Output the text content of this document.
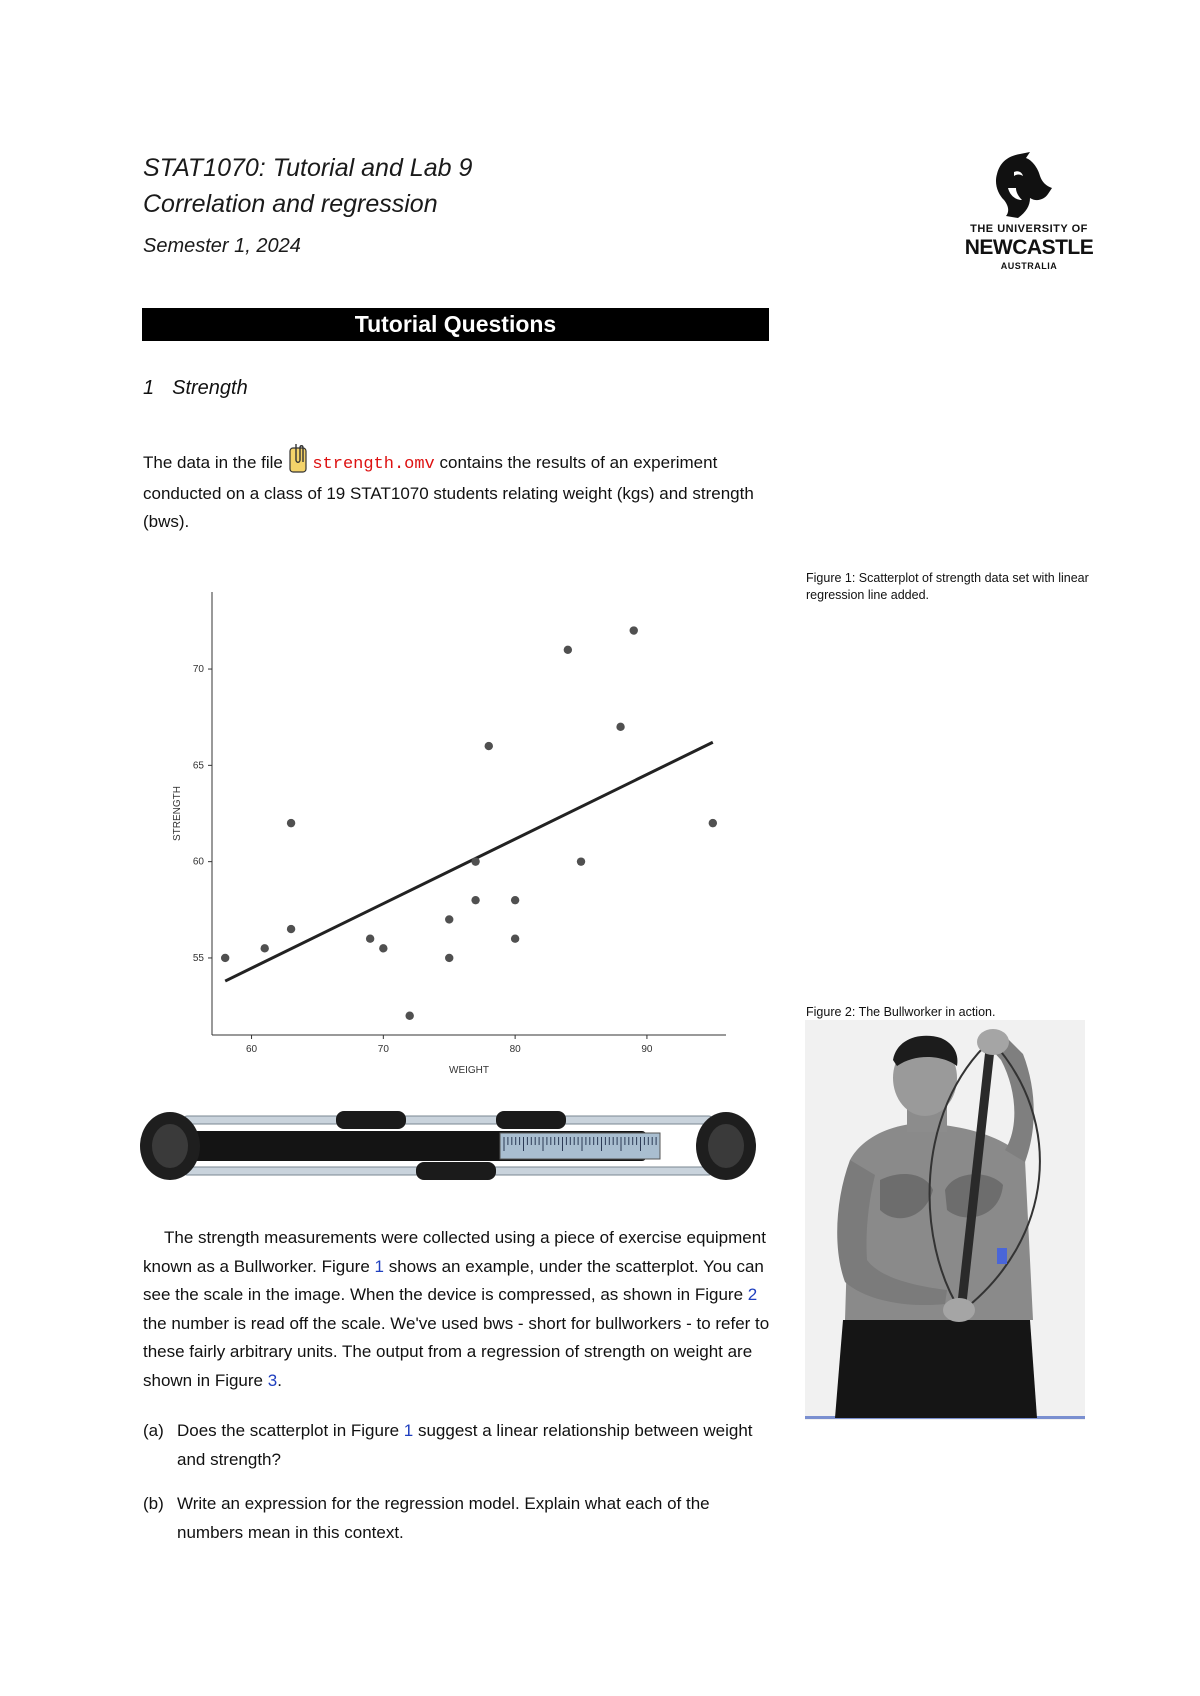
STAT1070: Tutorial and Lab 9
Correlation and regression
Semester 1, 2024
THE UNIVERSITY OF
NEWCASTLE
AUSTRALIA
Tutorial Questions
1 Strength
The data in the file strength.omv contains the results of an experiment conducted on a class of 19 STAT1070 students relating weight (kgs) and strength (bws).
Figure 1: Scatterplot of strength data set with linear regression line added.
Figure 2: The Bullworker in action.
60	70	80	90
55
60
65
70
WEIGHT
STRENGTH
The strength measurements were collected using a piece of exercise equipment known as a Bullworker. Figure 1 shows an example, under the scatterplot. You can see the scale in the image. When the device is compressed, as shown in Figure 2 the number is read off the scale. We've used bws - short for bullworkers - to refer to these fairly arbitrary units. The output from a regression of strength on weight are shown in Figure 3.
(a) Does the scatterplot in Figure 1 suggest a linear relationship between weight and strength?
(b) Write an expression for the regression model. Explain what each of the numbers mean in this context.
